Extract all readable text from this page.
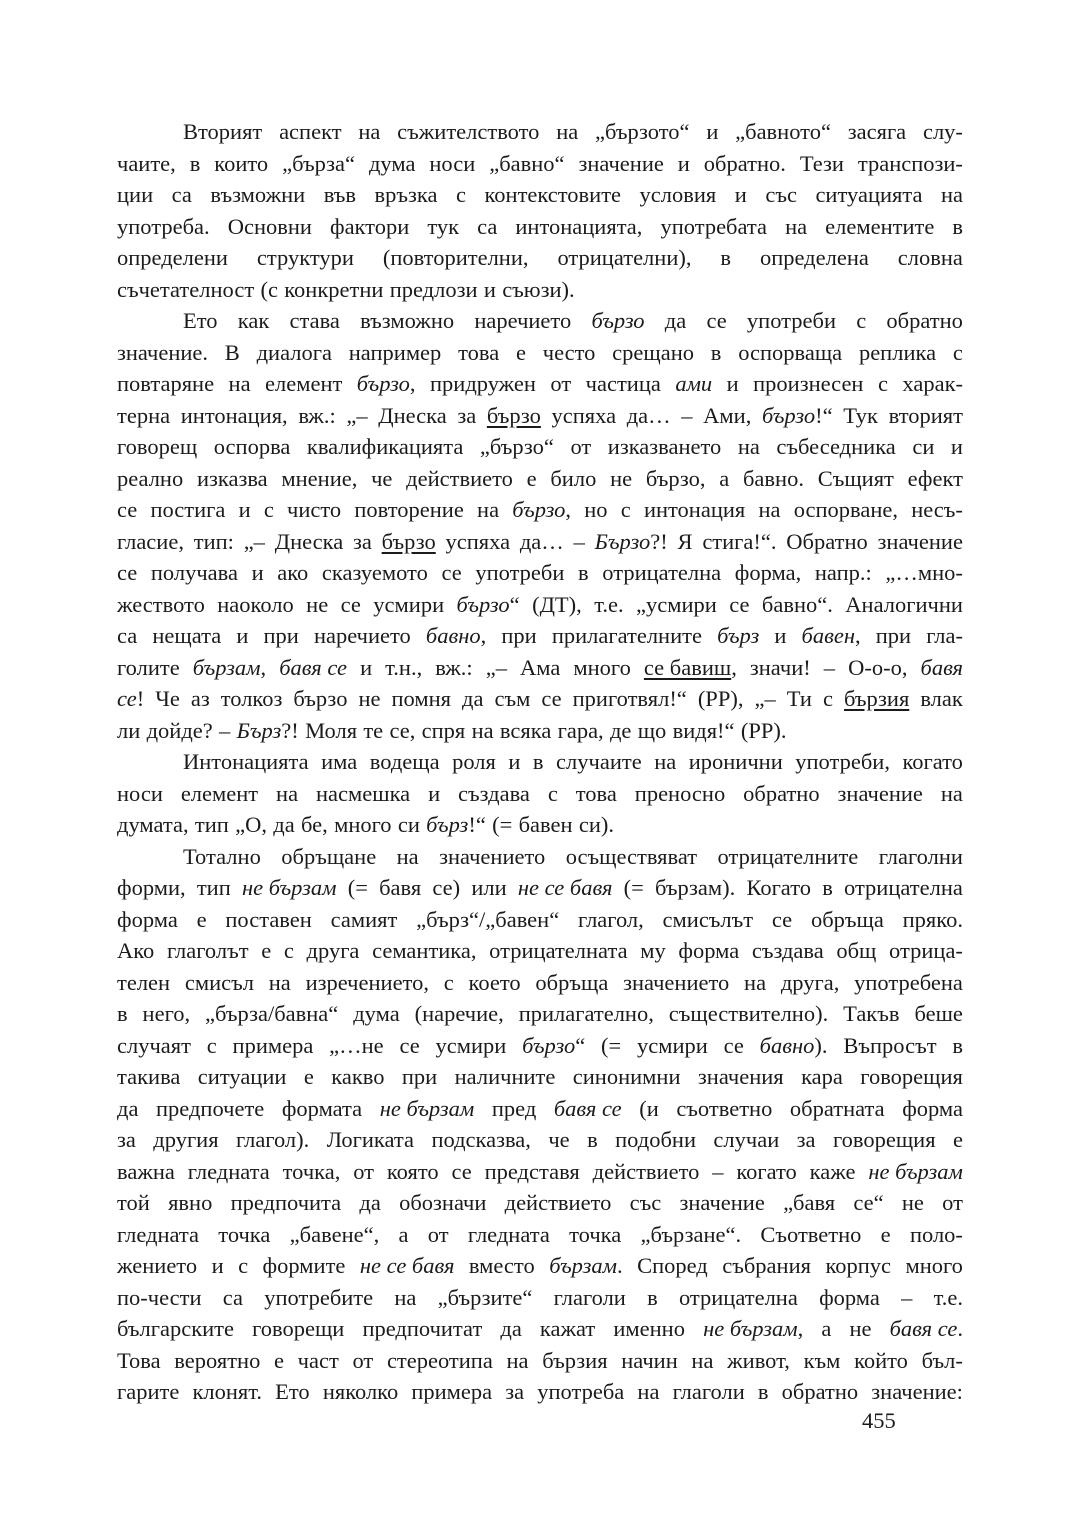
Вторият аспект на съжителството на „бързото“ и „бавното“ засяга слу-
чаите, в които „бърза“ дума носи „бавно“ значение и обратно. Тези транспози-
ции са възможни във връзка с контекстовите условия и със ситуацията на
употреба. Основни фактори тук са интонацията, употребата на елементите в
определени структури (повторителни, отрицателни), в определена словна
съчетателност (с конкретни предлози и съюзи).
Ето как става възможно наречието бързо да се употреби с обратно
значение. В диалога например това е често срещано в оспорваща реплика с
повтаряне на елемент бързо, придружен от частица ами и произнесен с харак-
терна интонация, вж.: „– Днеска за бързо успяха да… – Ами, бързо!“ Тук вторият
говорещ оспорва квалификацията „бързо“ от изказването на събеседника си и
реално изказва мнение, че действието е било не бързо, а бавно. Същият ефект
се постига и с чисто повторение на бързо, но с интонация на оспорване, несъ-
гласие, тип: „– Днеска за бързо успяха да… – Бързо?! Я стига!“. Обратно значение
се получава и ако сказуемото се употреби в отрицателна форма, напр.: „…мно-
жеството наоколо не се усмири бързо“ (ДТ), т.е. „усмири се бавно“. Аналогични
са нещата и при наречието бавно, при прилагателните бърз и бавен, при гла-
голите бързам, бавя се и т.н., вж.: „– Ама много се бавиш, значи! – О-о-о, бавя
се! Че аз толкоз бързо не помня да съм се приготвял!“ (РР), „– Ти с бързия влак
ли дойде? – Бърз?! Моля те се, спря на всяка гара, де що видя!“ (РР).
Интонацията има водеща роля и в случаите на иронични употреби, когато
носи елемент на насмешка и създава с това преносно обратно значение на
думата, тип „О, да бе, много си бърз!“ (= бавен си).
Тотално обръщане на значението осъществяват отрицателните глаголни
форми, тип не бързам (= бавя се) или не се бавя (= бързам). Когато в отрицателна
форма е поставен самият „бърз“/„бавен“ глагол, смисълът се обръща пряко.
Ако глаголът е с друга семантика, отрицателната му форма създава общ отрица-
телен смисъл на изречението, с което обръща значението на друга, употребена
в него, „бърза/бавна“ дума (наречие, прилагателно, съществително). Такъв беше
случаят с примера „…не се усмири бързо“ (= усмири се бавно). Въпросът в
такива ситуации е какво при наличните синонимни значения кара говорещия
да предпочете формата не бързам пред бавя се (и съответно обратната форма
за другия глагол). Логиката подсказва, че в подобни случаи за говорещия е
важна гледната точка, от която се представя действието – когато каже не бързам
той явно предпочита да обозначи действието със значение „бавя се“ не от
гледната точка „бавене“, а от гледната точка „бързане“. Съответно е поло-
жението и с формите не се бавя вместо бързам. Според събрания корпус много
по-чести са употребите на „бързите“ глаголи в отрицателна форма – т.е.
българските говорещи предпочитат да кажат именно не бързам, а не бавя се.
Това вероятно е част от стереотипа на бързия начин на живот, към който бъл-
гарите клонят. Ето няколко примера за употреба на глаголи в обратно значение:
455
